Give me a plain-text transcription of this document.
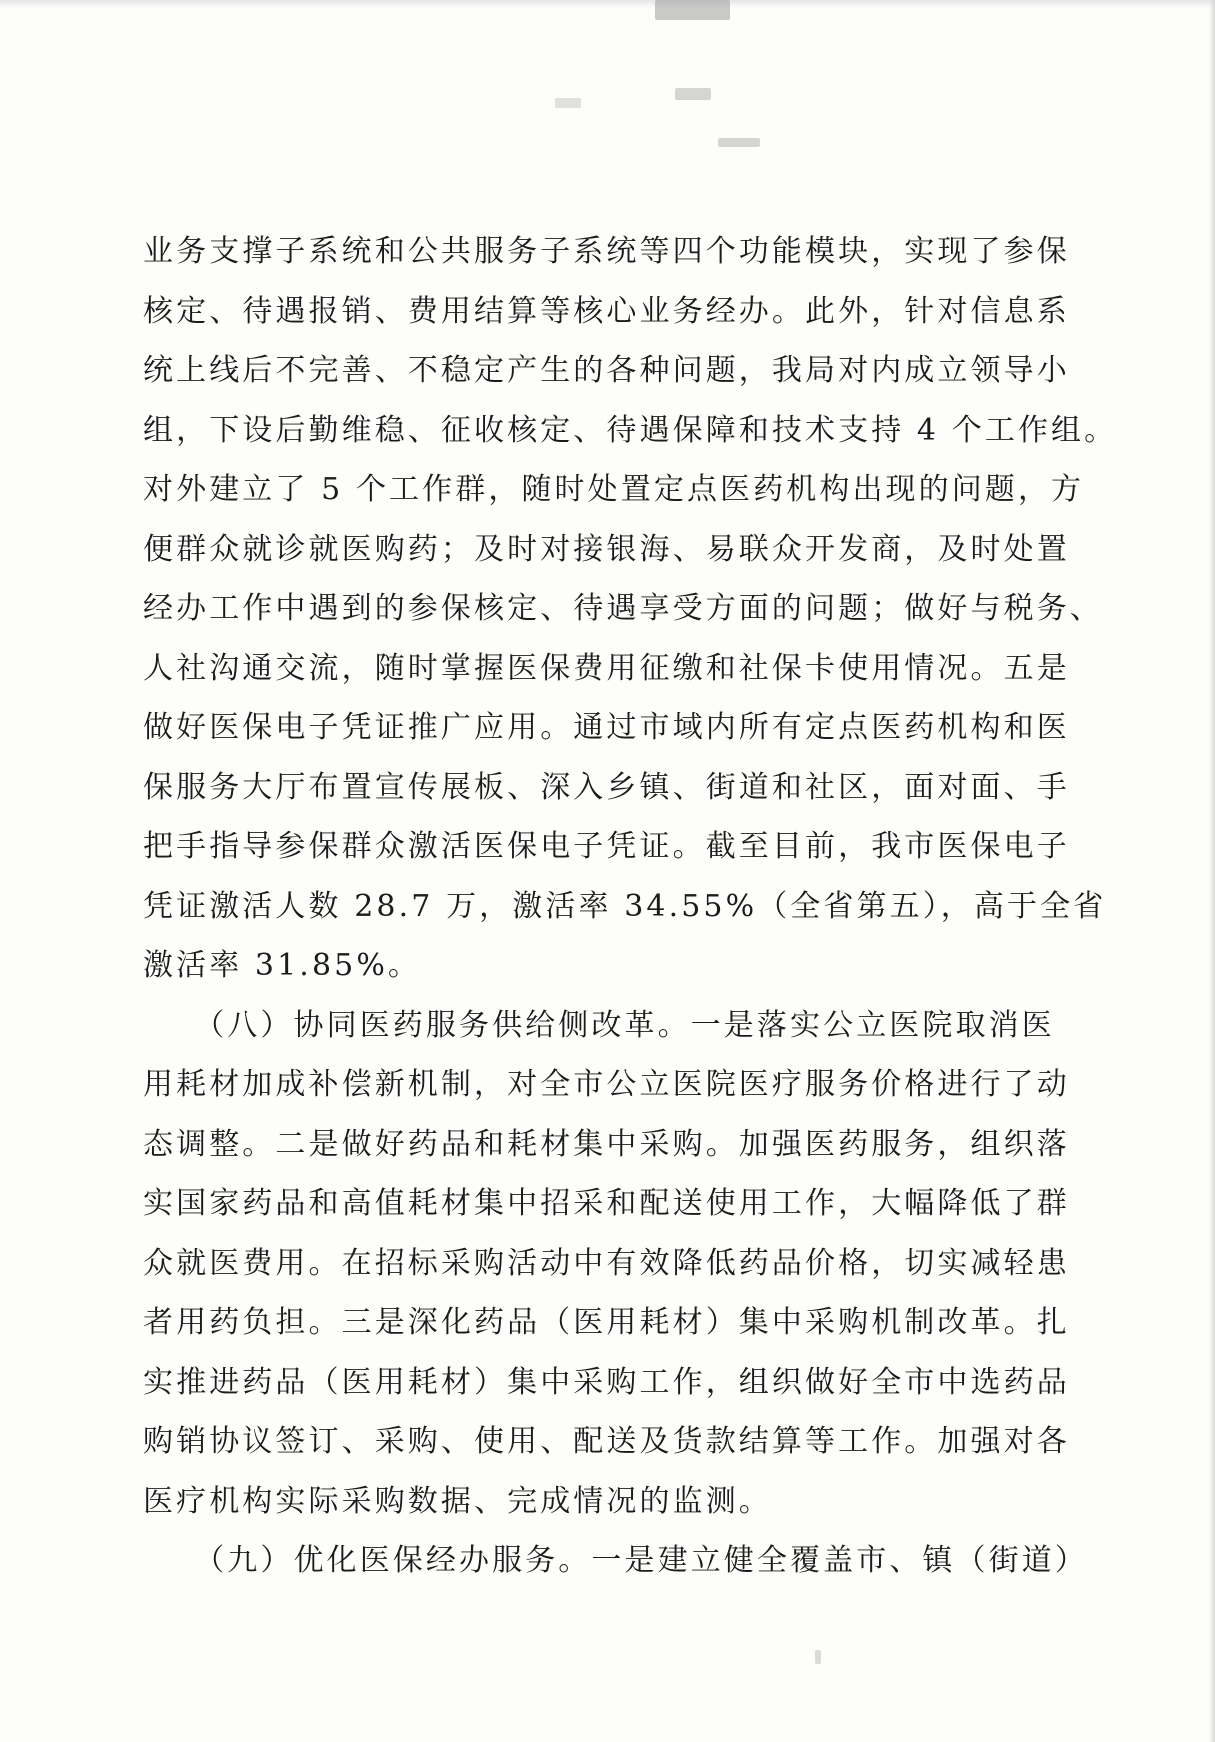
业务支撑子系统和公共服务子系统等四个功能模块，实现了参保
核定、待遇报销、费用结算等核心业务经办。此外，针对信息系
统上线后不完善、不稳定产生的各种问题，我局对内成立领导小
组，下设后勤维稳、征收核定、待遇保障和技术支持 4 个工作组。
对外建立了 5 个工作群，随时处置定点医药机构出现的问题，方
便群众就诊就医购药；及时对接银海、易联众开发商，及时处置
经办工作中遇到的参保核定、待遇享受方面的问题；做好与税务、
人社沟通交流，随时掌握医保费用征缴和社保卡使用情况。五是
做好医保电子凭证推广应用。通过市域内所有定点医药机构和医
保服务大厅布置宣传展板、深入乡镇、街道和社区，面对面、手
把手指导参保群众激活医保电子凭证。截至目前，我市医保电子
凭证激活人数 28.7 万，激活率 34.55%（全省第五），高于全省
激活率 31.85%。
　　（八）协同医药服务供给侧改革。一是落实公立医院取消医
用耗材加成补偿新机制，对全市公立医院医疗服务价格进行了动
态调整。二是做好药品和耗材集中采购。加强医药服务，组织落
实国家药品和高值耗材集中招采和配送使用工作，大幅降低了群
众就医费用。在招标采购活动中有效降低药品价格，切实减轻患
者用药负担。三是深化药品（医用耗材）集中采购机制改革。扎
实推进药品（医用耗材）集中采购工作，组织做好全市中选药品
购销协议签订、采购、使用、配送及货款结算等工作。加强对各
医疗机构实际采购数据、完成情况的监测。
　　（九）优化医保经办服务。一是建立健全覆盖市、镇（街道）
